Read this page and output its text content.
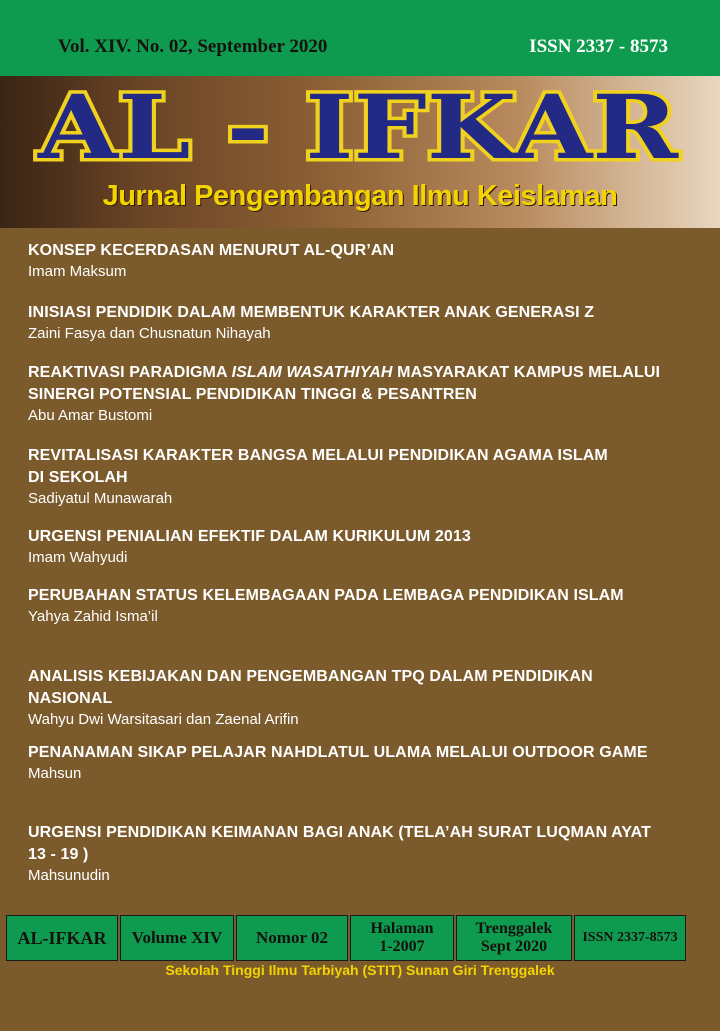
Vol. XIV. No. 02, September 2020	ISSN 2337 - 8573
AL - IFKAR
Jurnal Pengembangan Ilmu Keislaman
KONSEP KECERDASAN MENURUT AL-QUR’AN
Imam Maksum
INISIASI PENDIDIK DALAM MEMBENTUK KARAKTER ANAK GENERASI Z
Zaini Fasya dan Chusnatun Nihayah
REAKTIVASI PARADIGMA ISLAM WASATHIYAH MASYARAKAT KAMPUS MELALUI SINERGI POTENSIAL PENDIDIKAN TINGGI & PESANTREN
Abu Amar Bustomi
REVITALISASI KARAKTER BANGSA MELALUI PENDIDIKAN AGAMA ISLAM DI SEKOLAH
Sadiyatul Munawarah
URGENSI PENIALIAN EFEKTIF DALAM KURIKULUM 2013
Imam Wahyudi
PERUBAHAN STATUS KELEMBAGAAN PADA LEMBAGA PENDIDIKAN ISLAM
Yahya Zahid Isma’il
ANALISIS KEBIJAKAN DAN PENGEMBANGAN TPQ DALAM PENDIDIKAN NASIONAL
Wahyu Dwi Warsitasari dan Zaenal Arifin
PENANAMAN SIKAP PELAJAR NAHDLATUL ULAMA MELALUI OUTDOOR GAME
Mahsun
URGENSI PENDIDIKAN KEIMANAN BAGI ANAK (TELA’AH SURAT LUQMAN AYAT 13 - 19 )
Mahsunudin
AL-IFKAR	Volume XIV	Nomor 02	Halaman
1-2007
Trenggalek
Sept 2020
ISSN 2337-8573
Sekolah Tinggi Ilmu Tarbiyah (STIT) Sunan Giri Trenggalek
